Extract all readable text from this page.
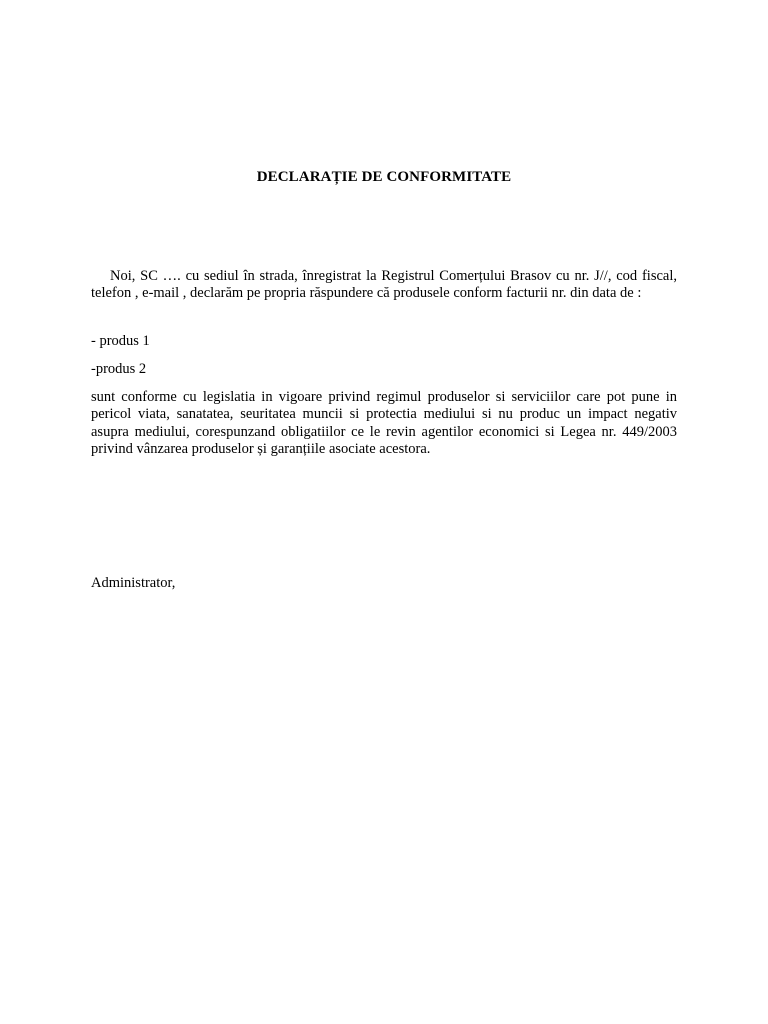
DECLARAȚIE DE CONFORMITATE

Noi, SC …. cu sediul în strada, înregistrat la Registrul Comerțului Brasov cu nr. J//, cod fiscal, telefon , e-mail , declarăm pe propria răspundere că produsele conform facturii nr. din data de :

- produs 1

-produs 2

sunt conforme cu legislatia in vigoare privind regimul produselor si serviciilor care pot pune in pericol viata, sanatatea, seuritatea muncii si protectia mediului si nu produc un impact negativ asupra mediului, corespunzand obligatiilor ce le revin agentilor economici si Legea nr. 449/2003 privind vânzarea produselor și garanțiile asociate acestora.

Administrator,
